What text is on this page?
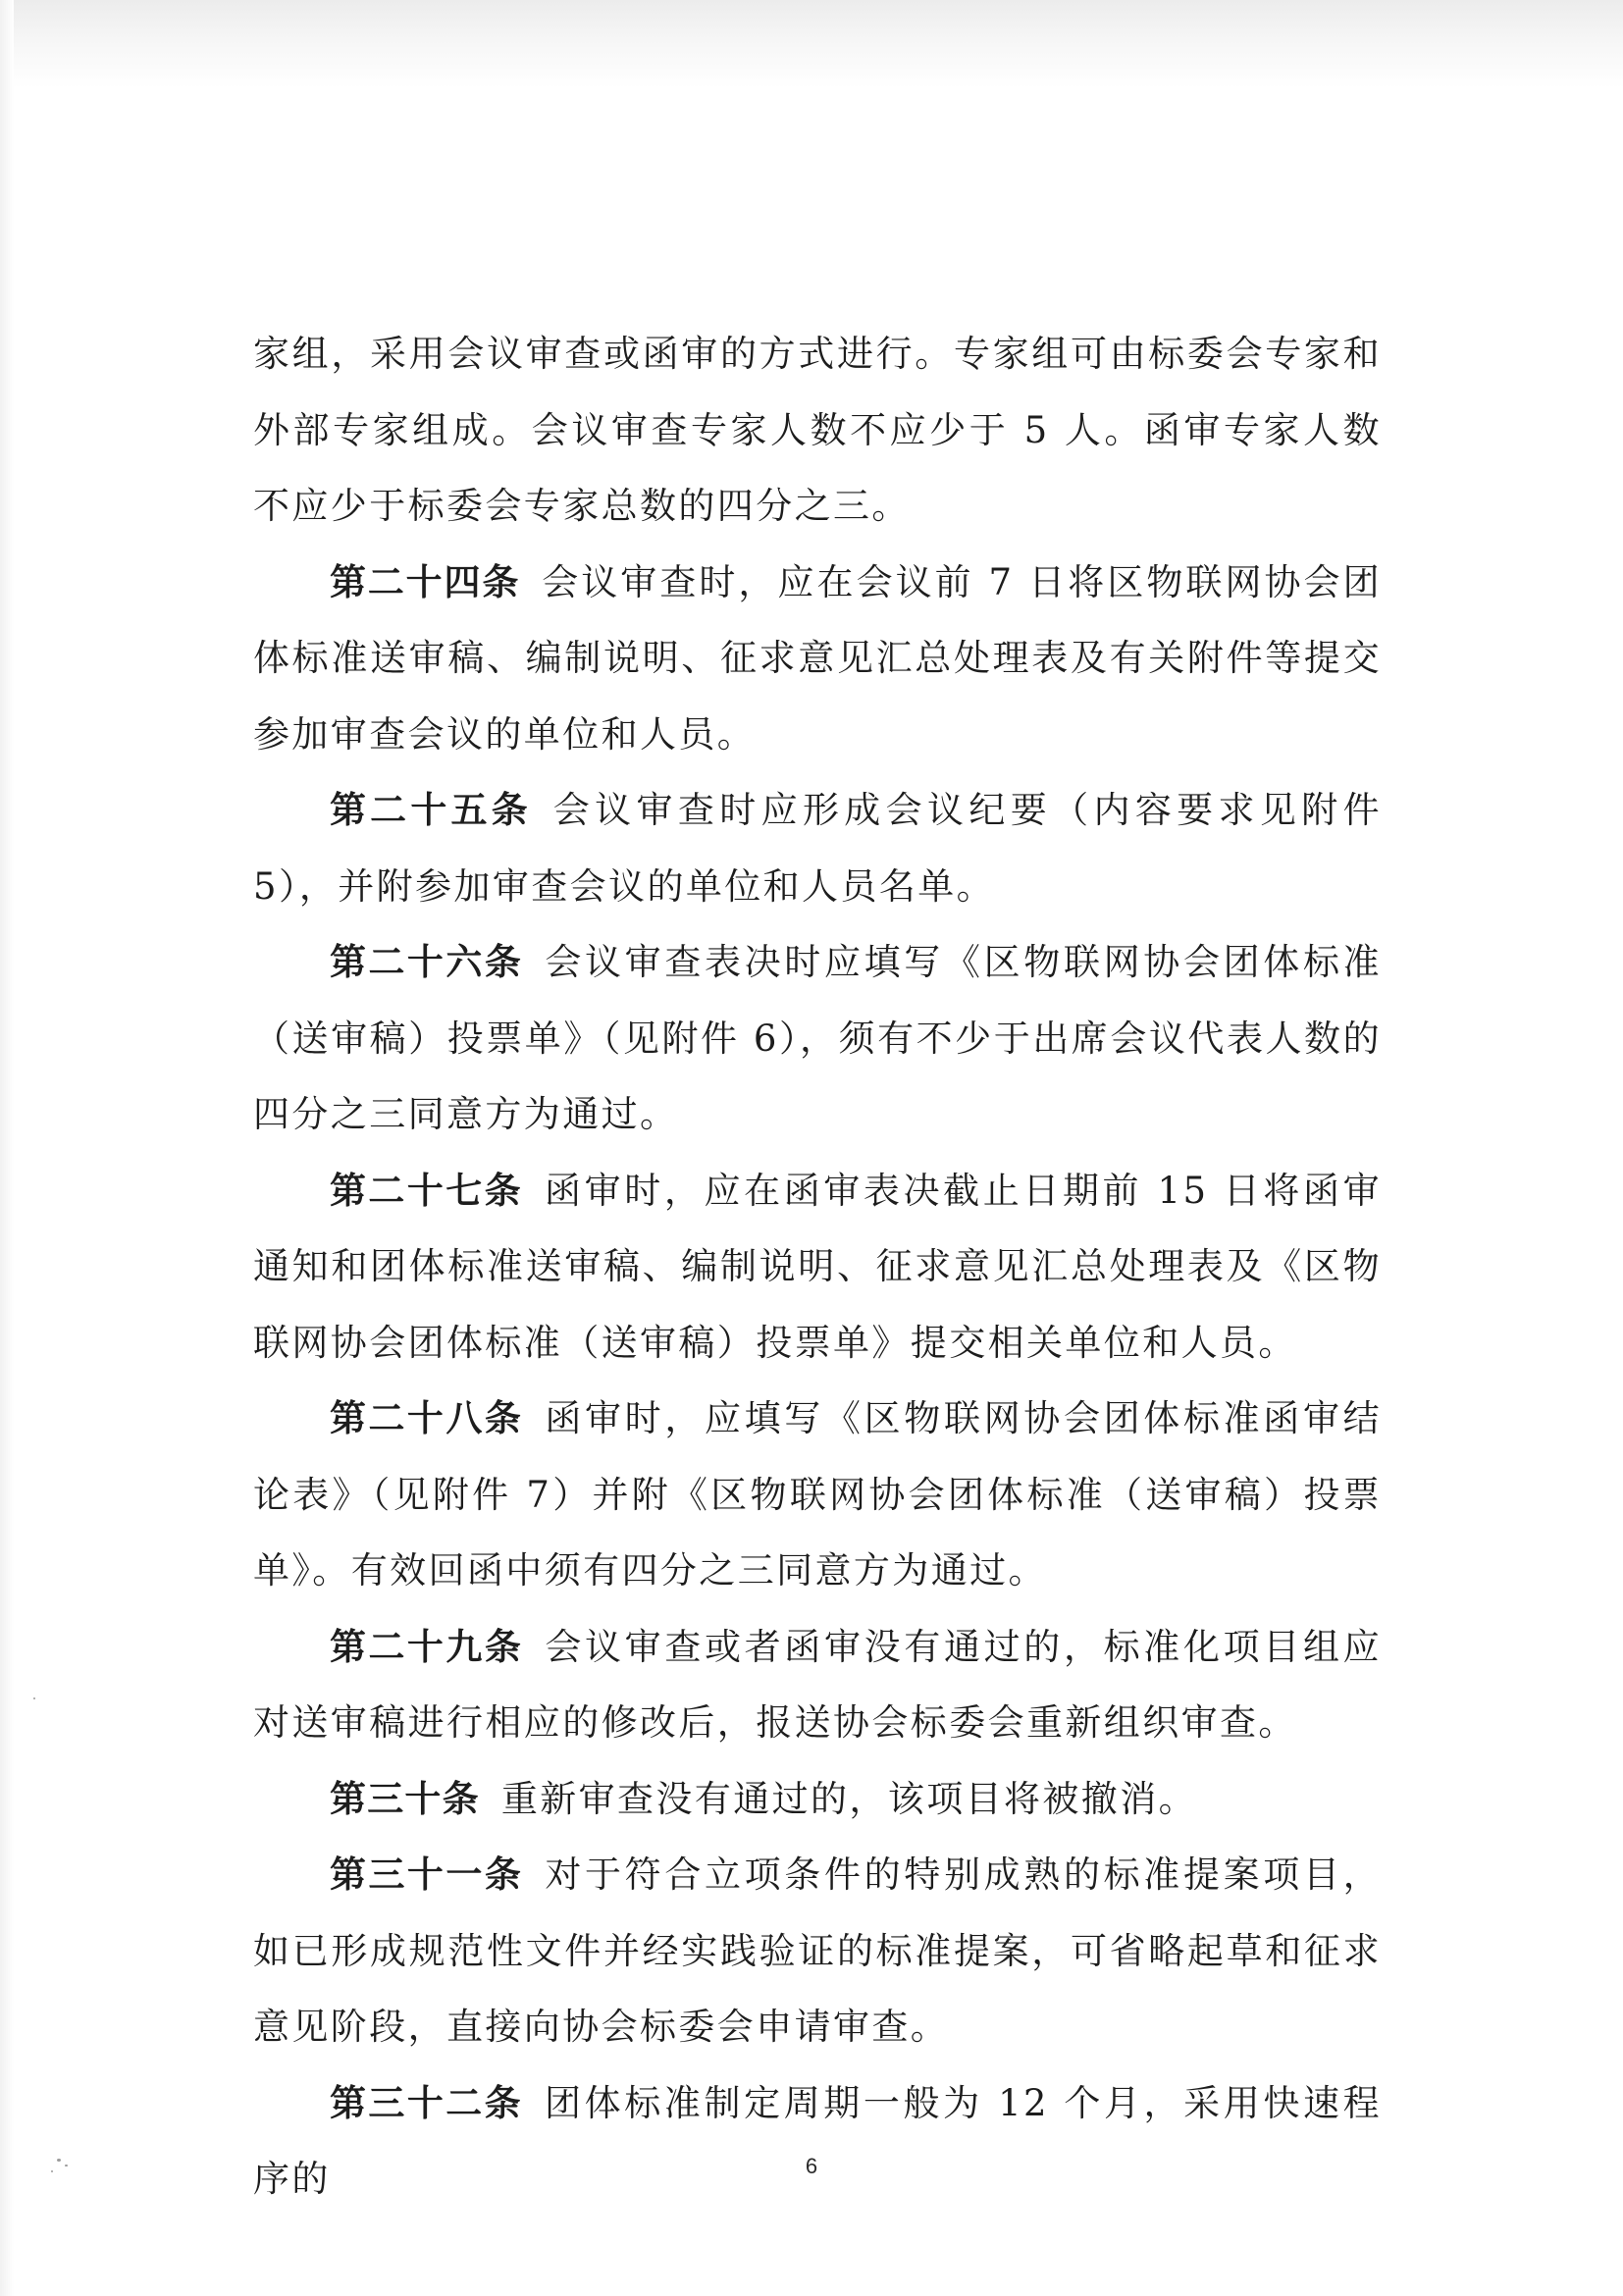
家组，采用会议审查或函审的方式进行。专家组可由标委会专家和外部专家组成。会议审查专家人数不应少于 5 人。函审专家人数不应少于标委会专家总数的四分之三。

第二十四条 会议审查时，应在会议前 7 日将区物联网协会团体标准送审稿、编制说明、征求意见汇总处理表及有关附件等提交参加审查会议的单位和人员。

第二十五条 会议审查时应形成会议纪要（内容要求见附件 5），并附参加审查会议的单位和人员名单。

第二十六条 会议审查表决时应填写《区物联网协会团体标准（送审稿）投票单》（见附件 6），须有不少于出席会议代表人数的四分之三同意方为通过。

第二十七条 函审时，应在函审表决截止日期前 15 日将函审通知和团体标准送审稿、编制说明、征求意见汇总处理表及《区物联网协会团体标准（送审稿）投票单》提交相关单位和人员。

第二十八条 函审时，应填写《区物联网协会团体标准函审结论表》（见附件 7）并附《区物联网协会团体标准（送审稿）投票单》。有效回函中须有四分之三同意方为通过。

第二十九条 会议审查或者函审没有通过的，标准化项目组应对送审稿进行相应的修改后，报送协会标委会重新组织审查。

第三十条 重新审查没有通过的，该项目将被撤消。

第三十一条 对于符合立项条件的特别成熟的标准提案项目，如已形成规范性文件并经实践验证的标准提案，可省略起草和征求意见阶段，直接向协会标委会申请审查。

第三十二条 团体标准制定周期一般为 12 个月，采用快速程序的	6
